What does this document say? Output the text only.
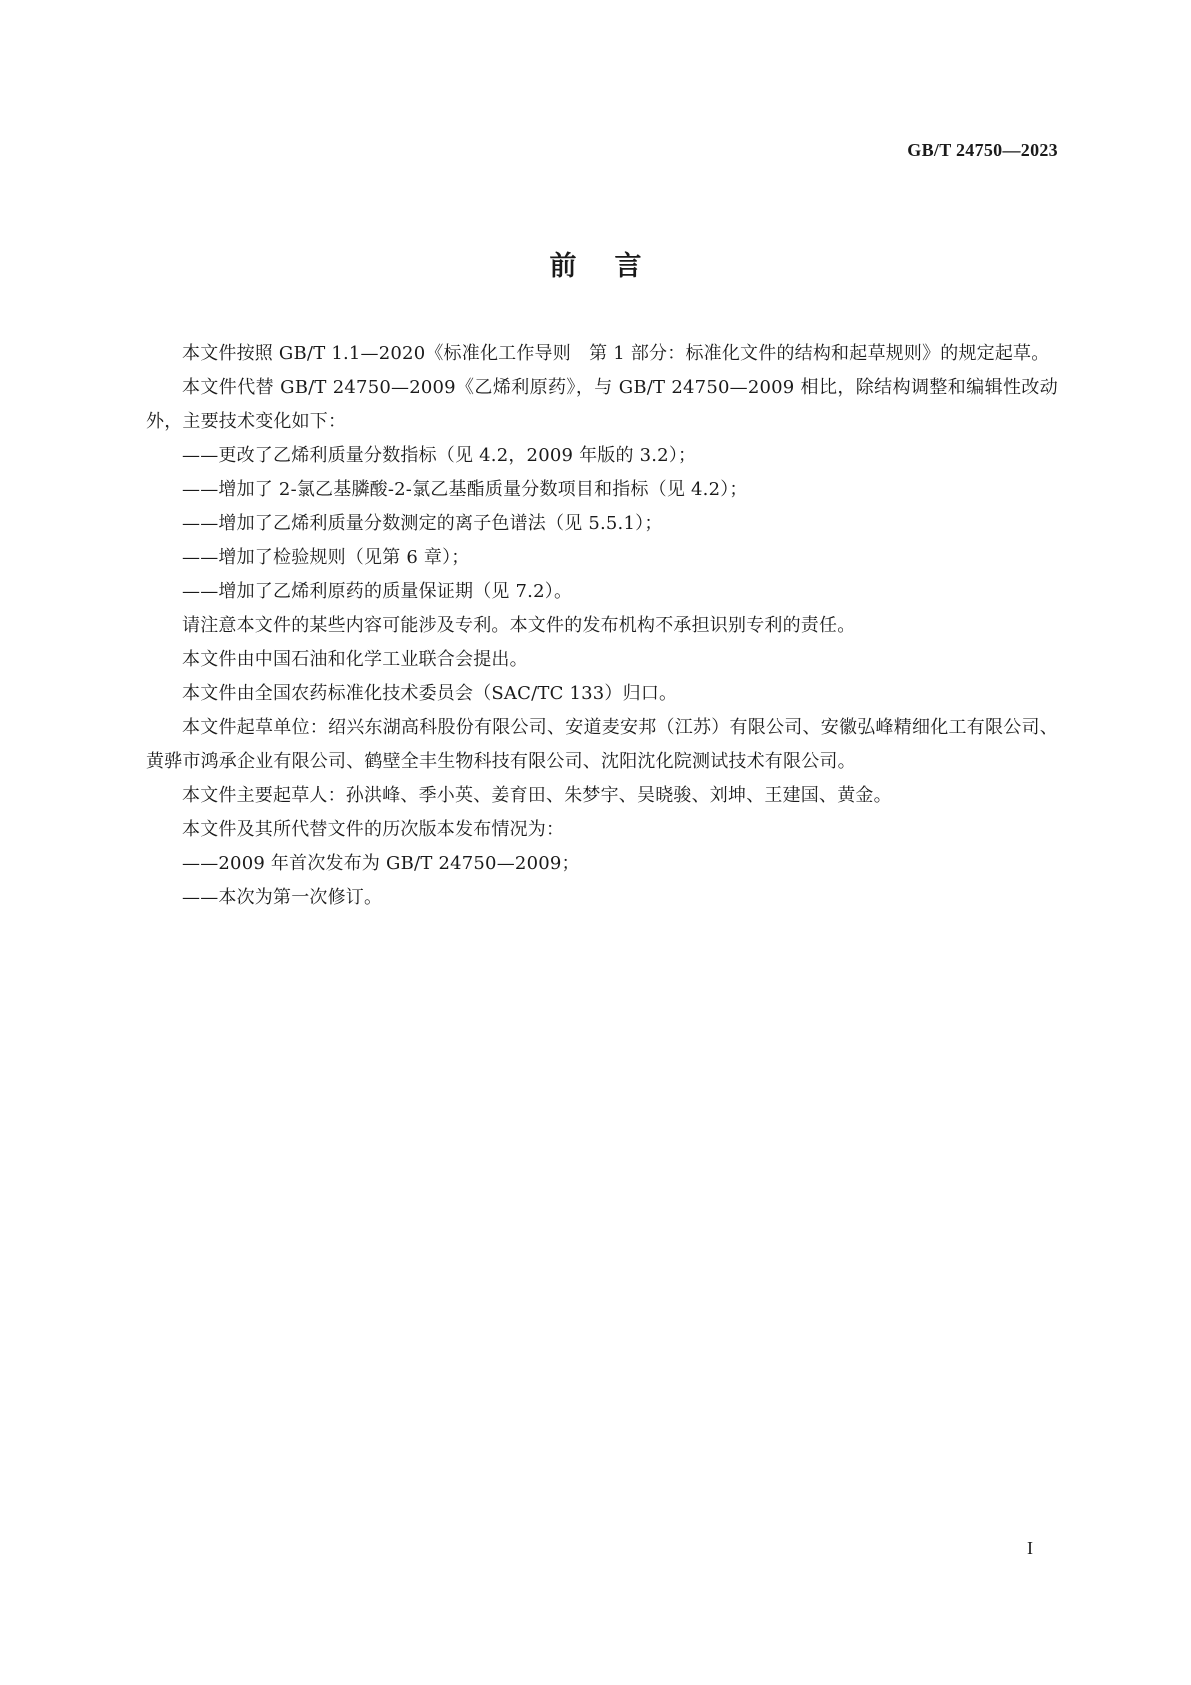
GB/T 24750—2023
前言

本文件按照 GB/T 1.1—2020《标准化工作导则　第 1 部分：标准化文件的结构和起草规则》的规定起草。

本文件代替 GB/T 24750—2009《乙烯利原药》，与 GB/T 24750—2009 相比，除结构调整和编辑性改动外，主要技术变化如下：

——更改了乙烯利质量分数指标（见 4.2，2009 年版的 3.2）；

——增加了 2-氯乙基膦酸-2-氯乙基酯质量分数项目和指标（见 4.2）；

——增加了乙烯利质量分数测定的离子色谱法（见 5.5.1）；

——增加了检验规则（见第 6 章）；

——增加了乙烯利原药的质量保证期（见 7.2）。

请注意本文件的某些内容可能涉及专利。本文件的发布机构不承担识别专利的责任。

本文件由中国石油和化学工业联合会提出。

本文件由全国农药标准化技术委员会（SAC/TC 133）归口。

本文件起草单位：绍兴东湖高科股份有限公司、安道麦安邦（江苏）有限公司、安徽弘峰精细化工有限公司、黄骅市鸿承企业有限公司、鹤壁全丰生物科技有限公司、沈阳沈化院测试技术有限公司。

本文件主要起草人：孙洪峰、季小英、姜育田、朱梦宇、吴晓骏、刘坤、王建国、黄金。

本文件及其所代替文件的历次版本发布情况为：

——2009 年首次发布为 GB/T 24750—2009；

——本次为第一次修订。

I
